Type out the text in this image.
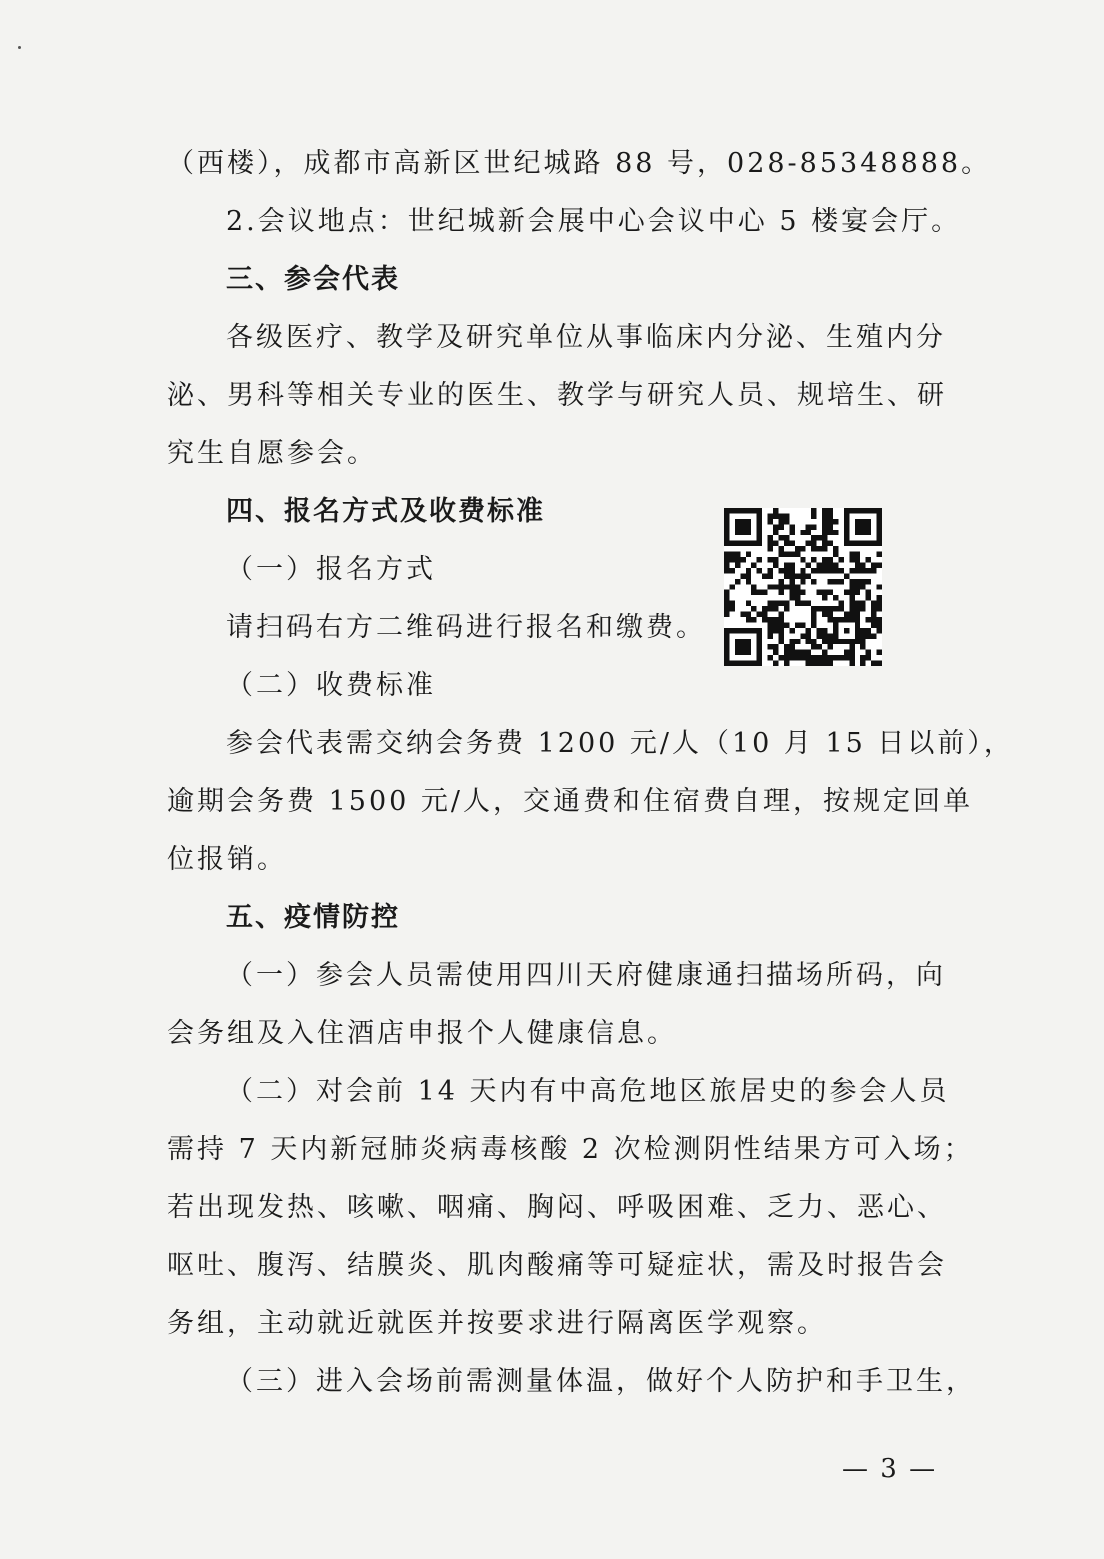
（西楼），成都市高新区世纪城路 88 号，028-85348888。
2.会议地点：世纪城新会展中心会议中心 5 楼宴会厅。
三、参会代表
各级医疗、教学及研究单位从事临床内分泌、生殖内分
泌、男科等相关专业的医生、教学与研究人员、规培生、研
究生自愿参会。
四、报名方式及收费标准
（一）报名方式
请扫码右方二维码进行报名和缴费。
（二）收费标准
参会代表需交纳会务费 1200 元/人（10 月 15 日以前），
逾期会务费 1500 元/人，交通费和住宿费自理，按规定回单
位报销。
五、疫情防控
（一）参会人员需使用四川天府健康通扫描场所码，向
会务组及入住酒店申报个人健康信息。
（二）对会前 14 天内有中高危地区旅居史的参会人员
需持 7 天内新冠肺炎病毒核酸 2 次检测阴性结果方可入场；
若出现发热、咳嗽、咽痛、胸闷、呼吸困难、乏力、恶心、
呕吐、腹泻、结膜炎、肌肉酸痛等可疑症状，需及时报告会
务组，主动就近就医并按要求进行隔离医学观察。
（三）进入会场前需测量体温，做好个人防护和手卫生，
— 3 —
